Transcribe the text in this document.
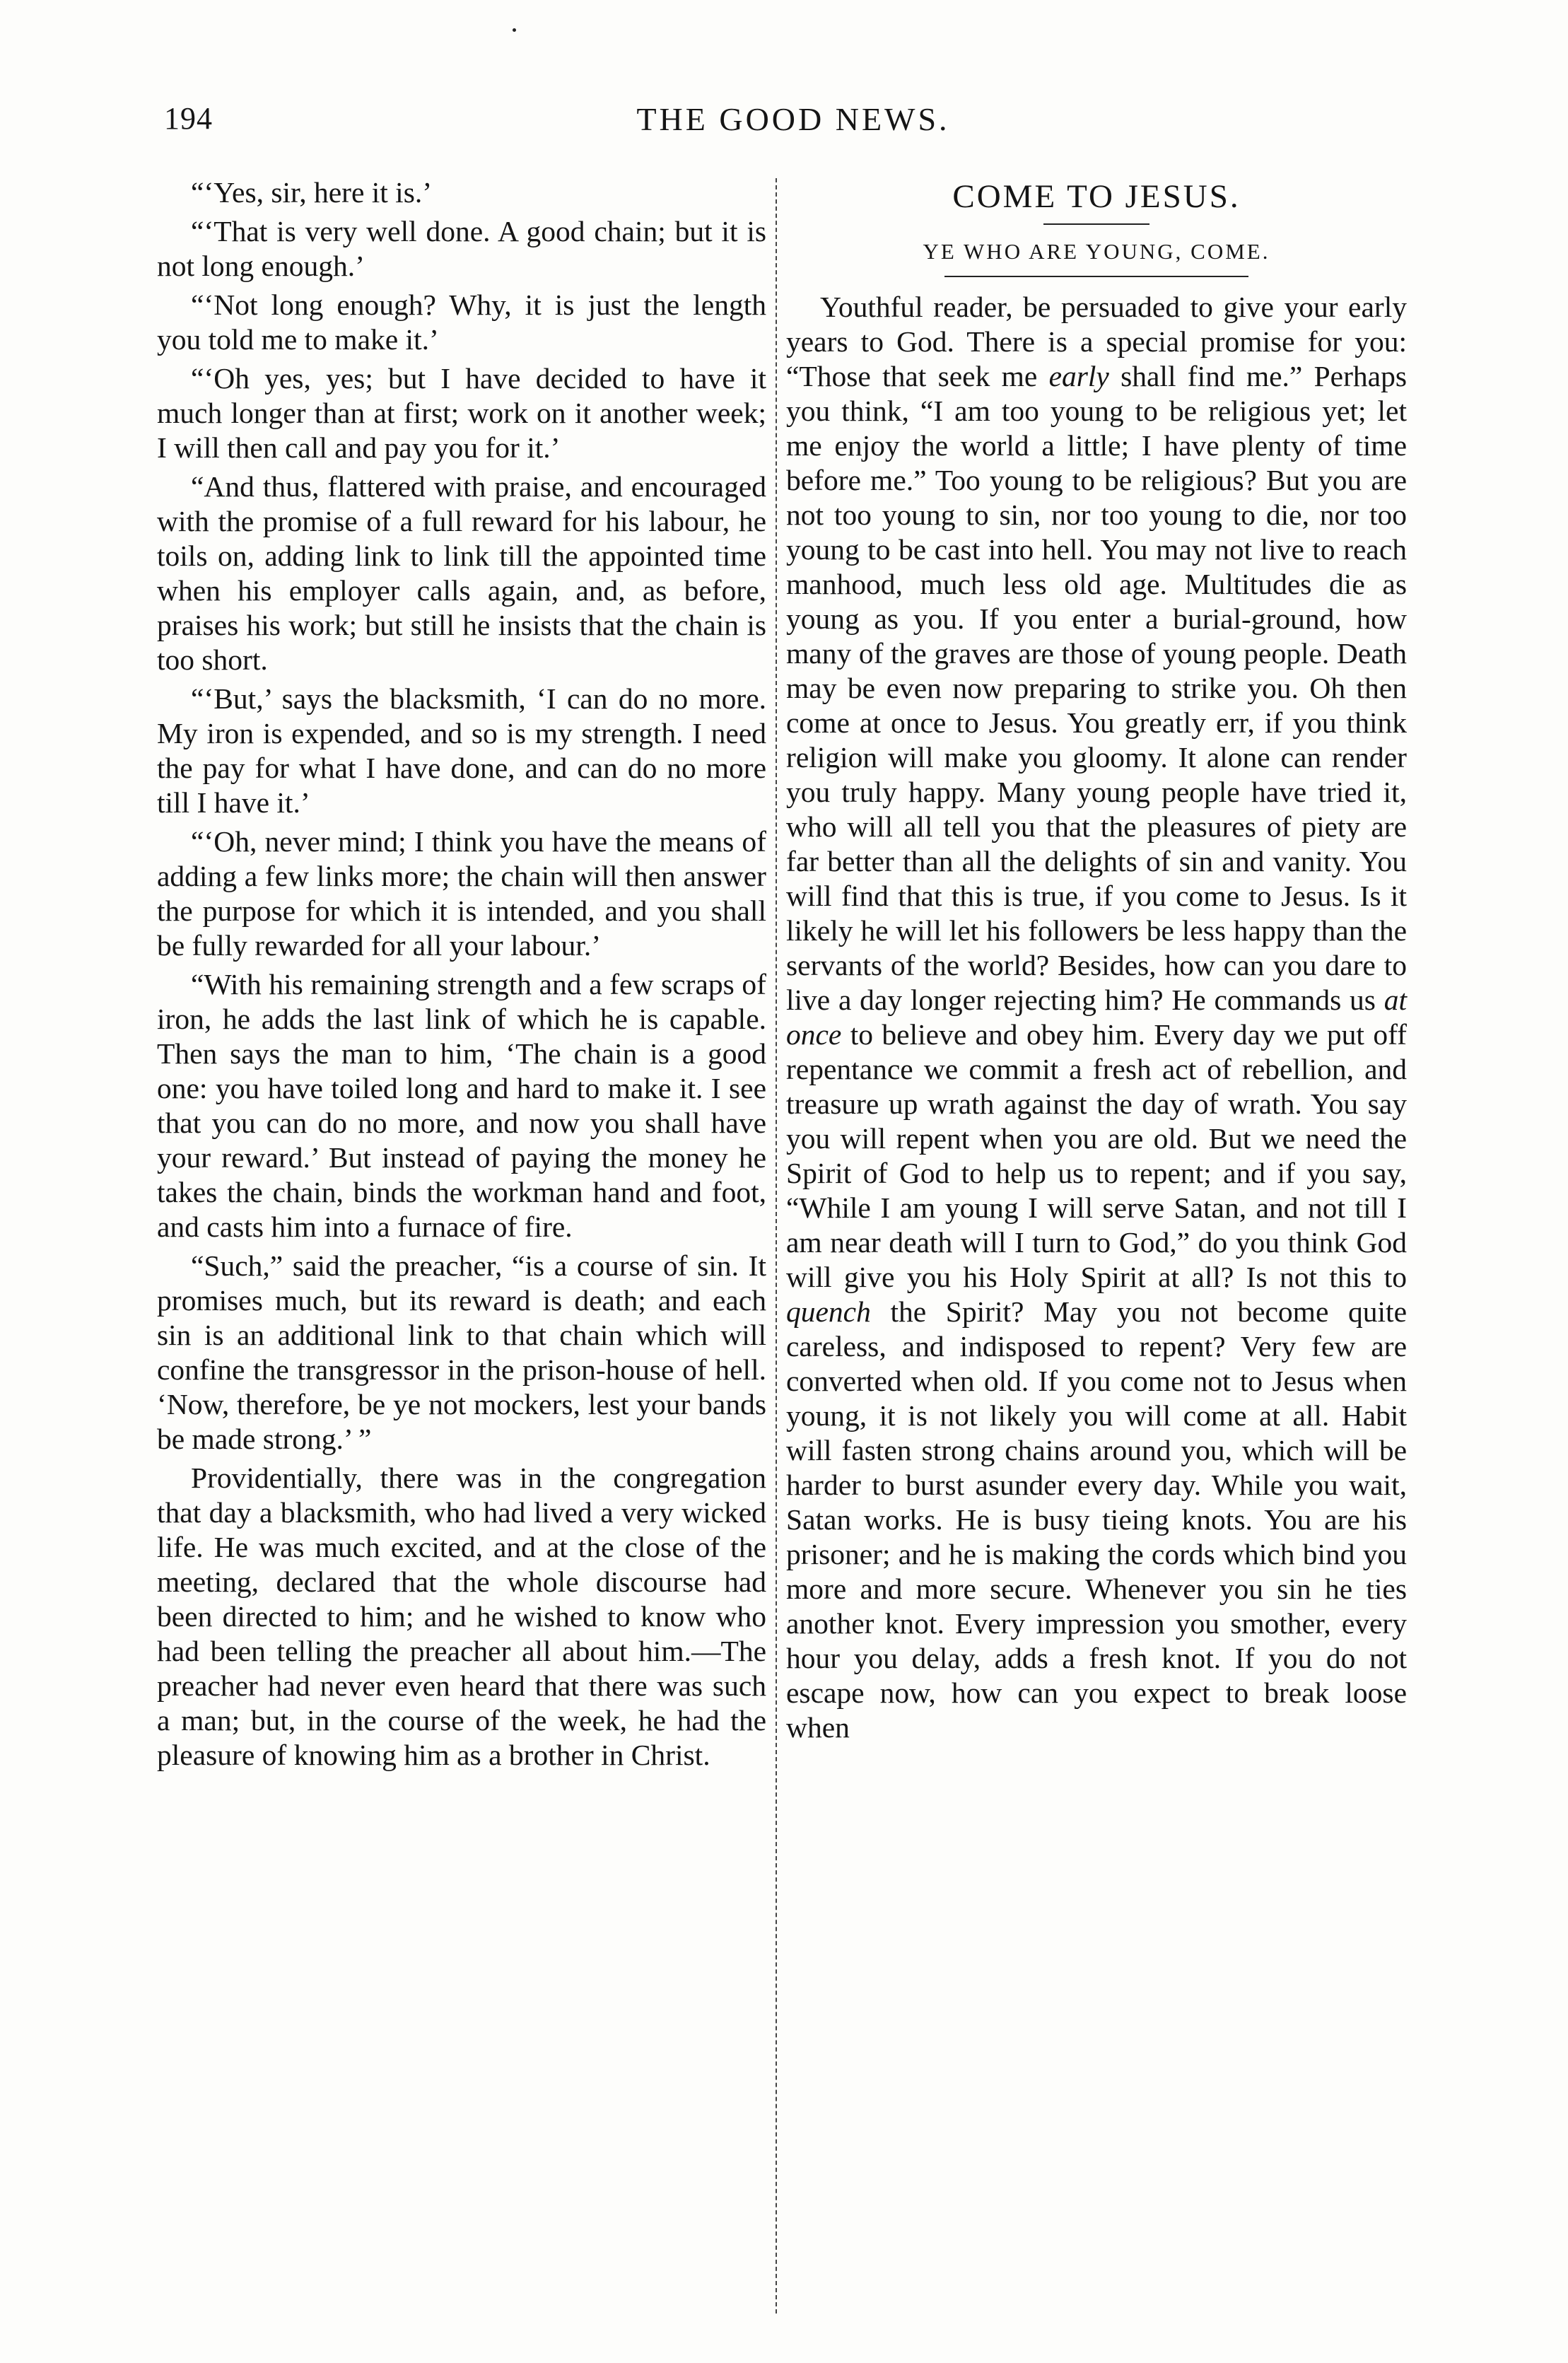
194	THE GOOD NEWS.

“‘Yes, sir, here it is.’

“‘That is very well done. A good chain; but it is not long enough.’

“‘Not long enough? Why, it is just the length you told me to make it.’

“‘Oh yes, yes; but I have decided to have it much longer than at first; work on it another week; I will then call and pay you for it.’

“And thus, flattered with praise, and encouraged with the promise of a full reward for his labour, he toils on, adding link to link till the appointed time when his employer calls again, and, as before, praises his work; but still he insists that the chain is too short.

“‘But,’ says the blacksmith, ‘I can do no more. My iron is expended, and so is my strength. I need the pay for what I have done, and can do no more till I have it.’

“‘Oh, never mind; I think you have the means of adding a few links more; the chain will then answer the purpose for which it is intended, and you shall be fully rewarded for all your labour.’

“With his remaining strength and a few scraps of iron, he adds the last link of which he is capable. Then says the man to him, ‘The chain is a good one: you have toiled long and hard to make it. I see that you can do no more, and now you shall have your reward.’ But instead of paying the money he takes the chain, binds the workman hand and foot, and casts him into a furnace of fire.

“Such,” said the preacher, “is a course of sin. It promises much, but its reward is death; and each sin is an additional link to that chain which will confine the transgressor in the prison-house of hell. ‘Now, therefore, be ye not mockers, lest your bands be made strong.’ ”

Providentially, there was in the congregation that day a blacksmith, who had lived a very wicked life. He was much excited, and at the close of the meeting, declared that the whole discourse had been directed to him; and he wished to know who had been telling the preacher all about him.—The preacher had never even heard that there was such a man; but, in the course of the week, he had the pleasure of knowing him as a brother in Christ.

COME TO JESUS.
YE WHO ARE YOUNG, COME.

Youthful reader, be persuaded to give your early years to God. There is a special promise for you: “Those that seek me early shall find me.” Perhaps you think, “I am too young to be religious yet; let me enjoy the world a little; I have plenty of time before me.” Too young to be religious? But you are not too young to sin, nor too young to die, nor too young to be cast into hell. You may not live to reach manhood, much less old age. Multitudes die as young as you. If you enter a burial-ground, how many of the graves are those of young people. Death may be even now preparing to strike you. Oh then come at once to Jesus. You greatly err, if you think religion will make you gloomy. It alone can render you truly happy. Many young people have tried it, who will all tell you that the pleasures of piety are far better than all the delights of sin and vanity. You will find that this is true, if you come to Jesus. Is it likely he will let his followers be less happy than the servants of the world? Besides, how can you dare to live a day longer rejecting him? He commands us at once to believe and obey him. Every day we put off repentance we commit a fresh act of rebellion, and treasure up wrath against the day of wrath. You say you will repent when you are old. But we need the Spirit of God to help us to repent; and if you say, “While I am young I will serve Satan, and not till I am near death will I turn to God,” do you think God will give you his Holy Spirit at all? Is not this to quench the Spirit? May you not become quite careless, and indisposed to repent? Very few are converted when old. If you come not to Jesus when young, it is not likely you will come at all. Habit will fasten strong chains around you, which will be harder to burst asunder every day. While you wait, Satan works. He is busy tieing knots. You are his prisoner; and he is making the cords which bind you more and more secure. Whenever you sin he ties another knot. Every impression you smother, every hour you delay, adds a fresh knot. If you do not escape now, how can you expect to break loose when
